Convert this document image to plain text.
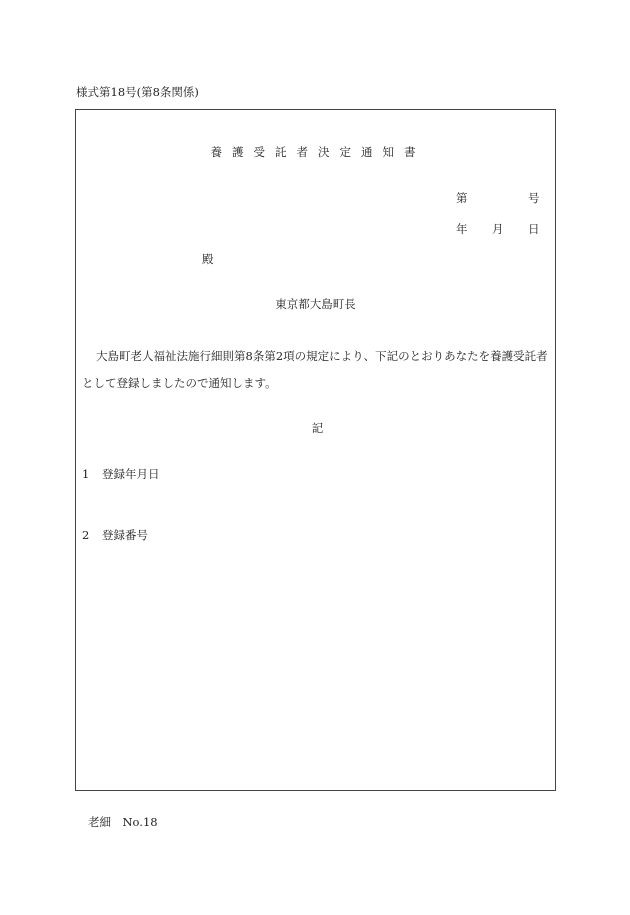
様式第18号(第8条関係)
養護受託者決定通知書
第	号
年 月 日
殿
東京都大島町長

大島町老人福祉法施行細則第8条第2項の規定により、下記のとおりあなたを養護受託者として登録しましたので通知します。

記
1 登録年月日
2 登録番号
老細　No.18
